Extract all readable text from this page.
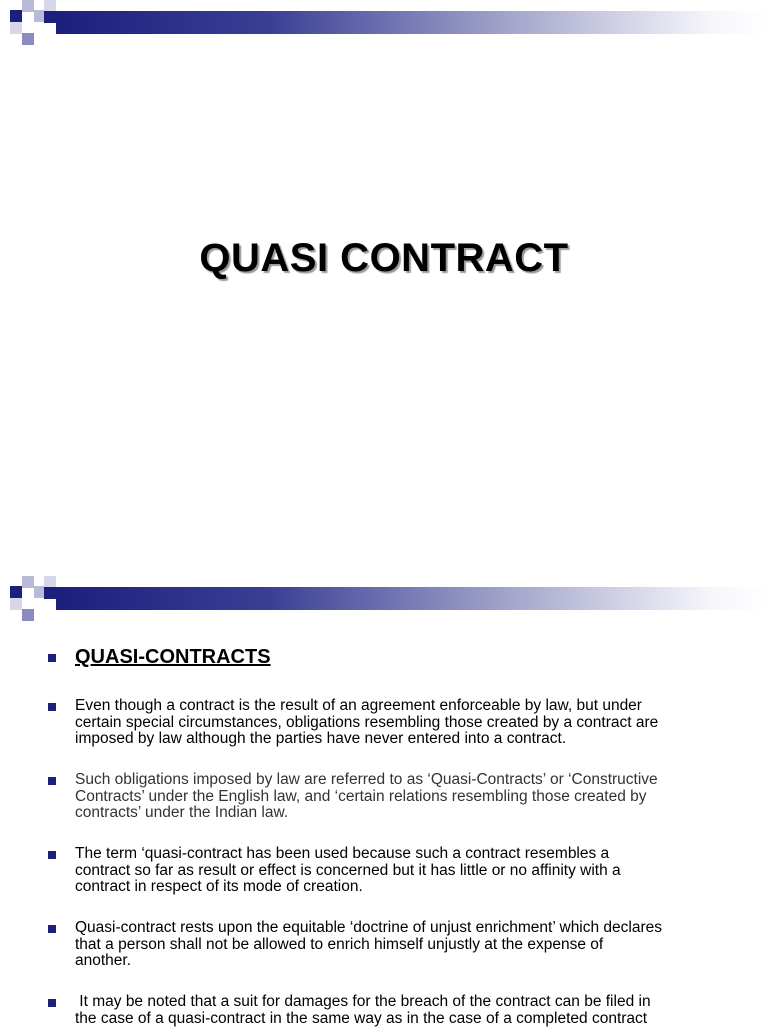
QUASI CONTRACT
QUASI-CONTRACTS
Even though a contract is the result of an agreement enforceable by law, but under
certain special circumstances, obligations resembling those created by a contract are
imposed by law although the parties have never entered into a contract.
Such obligations imposed by law are referred to as ‘Quasi-Contracts’ or ‘Constructive
Contracts’ under the English law, and ‘certain relations resembling those created by
contracts’ under the Indian law.
The term ‘quasi-contract has been used because such a contract resembles a
contract so far as result or effect is concerned but it has little or no affinity with a
contract in respect of its mode of creation.
Quasi-contract rests upon the equitable ‘doctrine of unjust enrichment’ which declares
that a person shall not be allowed to enrich himself unjustly at the expense of
another.
It may be noted that a suit for damages for the breach of the contract can be filed in
the case of a quasi-contract in the same way as in the case of a completed contract
